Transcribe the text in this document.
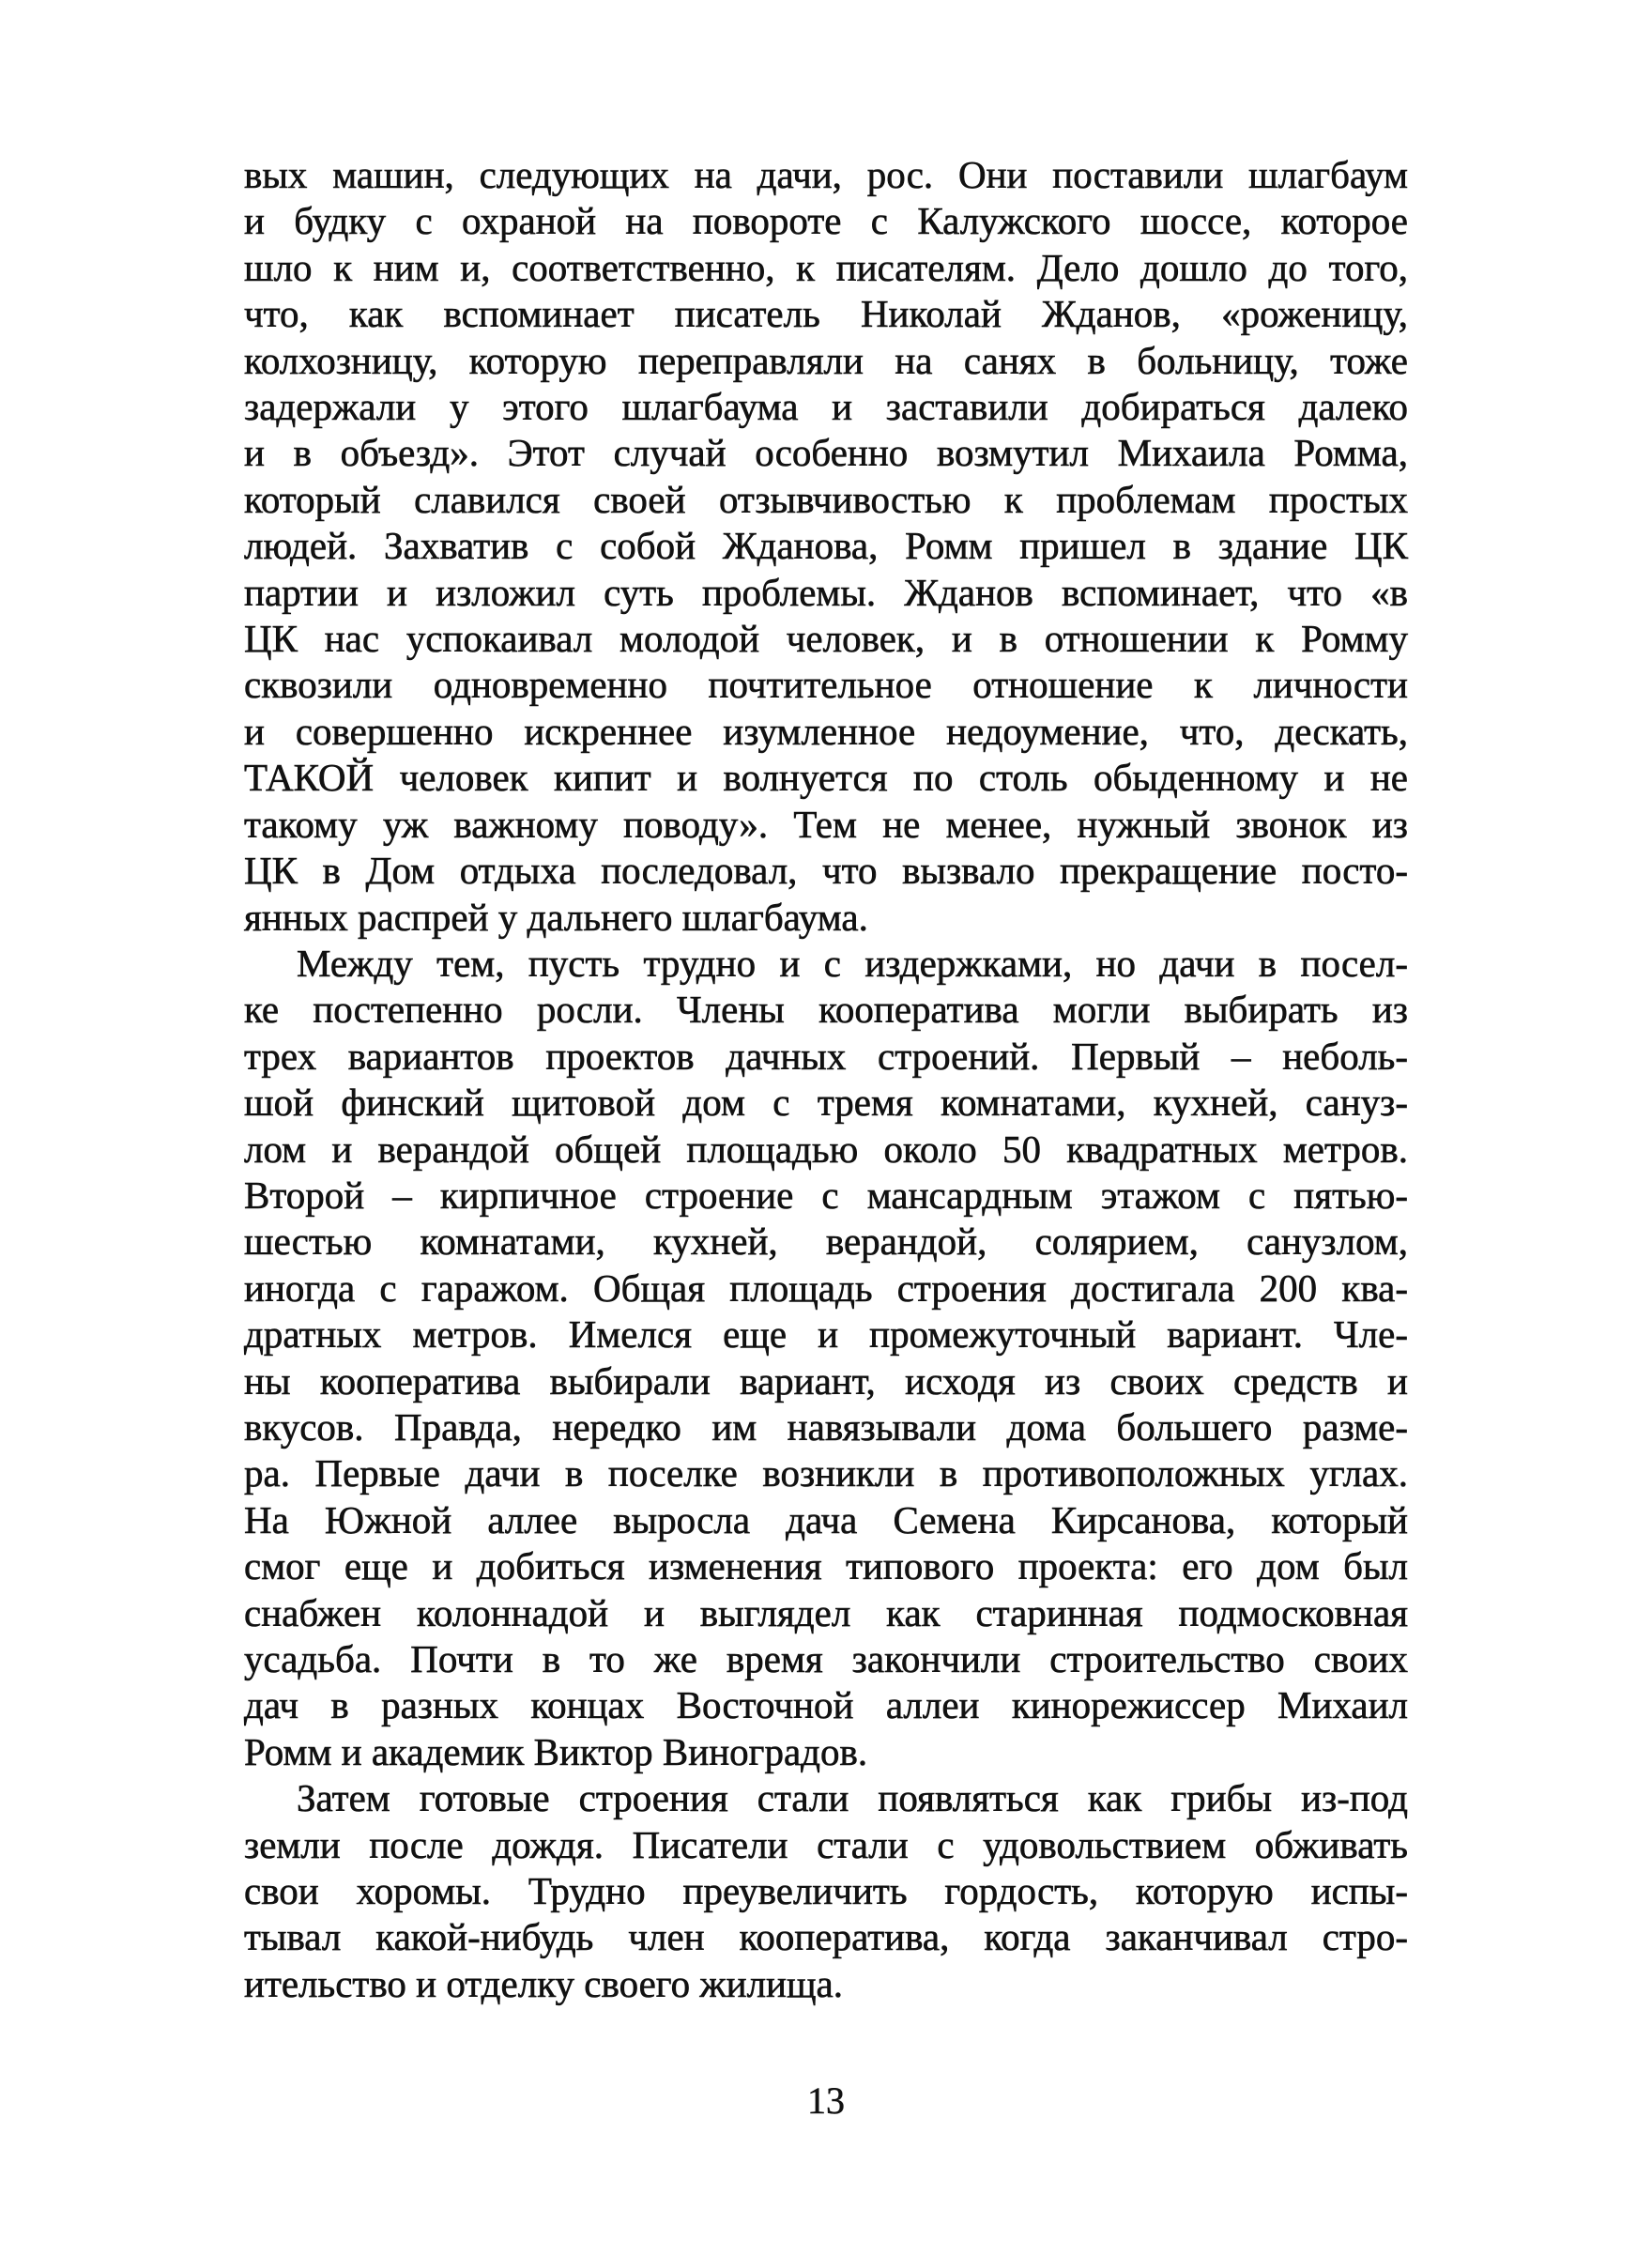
вых машин, следующих на дачи, рос. Они поставили шлагбаум
и будку с охраной на повороте с Калужского шоссе, которое
шло к ним и, соответственно, к писателям. Дело дошло до того,
что, как вспоминает писатель Николай Жданов, «роженицу,
колхозницу, которую переправляли на санях в больницу, тоже
задержали у этого шлагбаума и заставили добираться далеко
и в объезд». Этот случай особенно возмутил Михаила Ромма,
который славился своей отзывчивостью к проблемам простых
людей. Захватив с собой Жданова, Ромм пришел в здание ЦК
партии и изложил суть проблемы. Жданов вспоминает, что «в
ЦК нас успокаивал молодой человек, и в отношении к Ромму
сквозили одновременно почтительное отношение к личности
и совершенно искреннее изумленное недоумение, что, дескать,
ТАКОЙ человек кипит и волнуется по столь обыденному и не
такому уж важному поводу». Тем не менее, нужный звонок из
ЦК в Дом отдыха последовал, что вызвало прекращение посто-
янных распрей у дальнего шлагбаума.

Между тем, пусть трудно и с издержками, но дачи в посел-
ке постепенно росли. Члены кооператива могли выбирать из
трех вариантов проектов дачных строений. Первый – неболь-
шой финский щитовой дом с тремя комнатами, кухней, сануз-
лом и верандой общей площадью около 50 квадратных метров.
Второй – кирпичное строение с мансардным этажом с пятью-
шестью комнатами, кухней, верандой, солярием, санузлом,
иногда с гаражом. Общая площадь строения достигала 200 ква-
дратных метров. Имелся еще и промежуточный вариант. Чле-
ны кооператива выбирали вариант, исходя из своих средств и
вкусов. Правда, нередко им навязывали дома большего разме-
ра. Первые дачи в поселке возникли в противоположных углах.
На Южной аллее выросла дача Семена Кирсанова, который
смог еще и добиться изменения типового проекта: его дом был
снабжен колоннадой и выглядел как старинная подмосковная
усадьба. Почти в то же время закончили строительство своих
дач в разных концах Восточной аллеи кинорежиссер Михаил
Ромм и академик Виктор Виноградов.

Затем готовые строения стали появляться как грибы из-под
земли после дождя. Писатели стали с удовольствием обживать
свои хоромы. Трудно преувеличить гордость, которую испы-
тывал какой-нибудь член кооператива, когда заканчивал стро-
ительство и отделку своего жилища.

13
